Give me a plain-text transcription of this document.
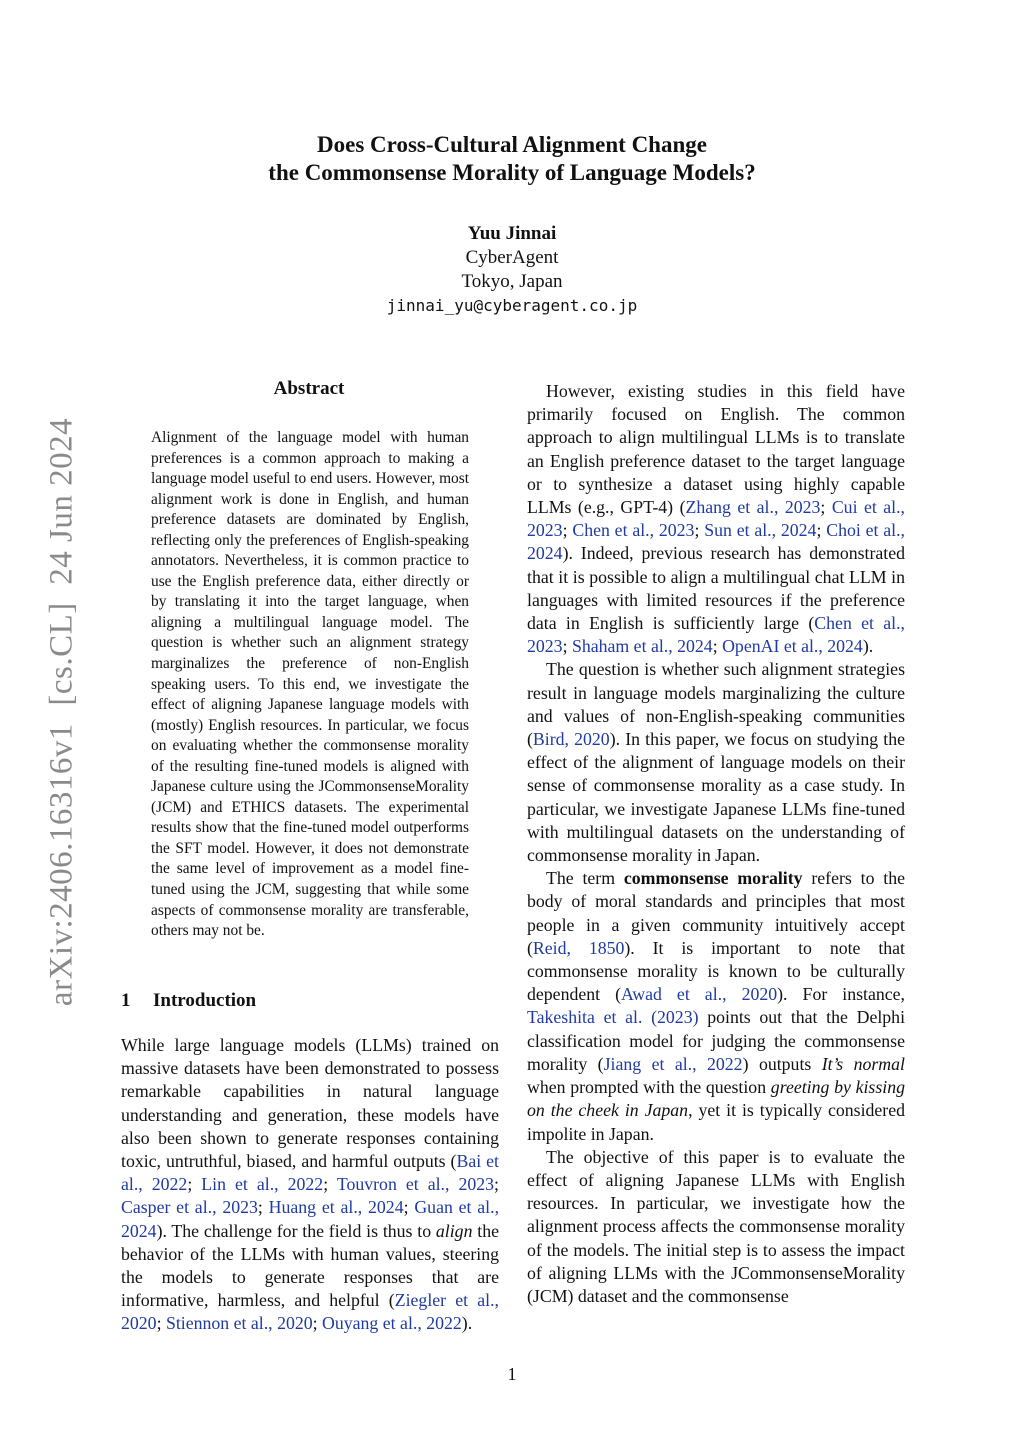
Does Cross-Cultural Alignment Change
the Commonsense Morality of Language Models?
Yuu Jinnai
CyberAgent
Tokyo, Japan
jinnai_yu@cyberagent.co.jp
arXiv:2406.16316v1  [cs.CL]  24 Jun 2024
Abstract
Alignment of the language model with human preferences is a common approach to making a language model useful to end users. However, most alignment work is done in English, and human preference datasets are dominated by English, reflecting only the preferences of English-speaking annotators. Nevertheless, it is common practice to use the English preference data, either directly or by translating it into the target language, when aligning a multilingual language model. The question is whether such an alignment strategy marginalizes the preference of non-English speaking users. To this end, we investigate the effect of aligning Japanese language models with (mostly) English resources. In particular, we focus on evaluating whether the commonsense morality of the resulting fine-tuned models is aligned with Japanese culture using the JCommonsenseMorality (JCM) and ETHICS datasets. The experimental results show that the fine-tuned model outperforms the SFT model. However, it does not demonstrate the same level of improvement as a model fine-tuned using the JCM, suggesting that while some aspects of commonsense morality are transferable, others may not be.
1 Introduction
While large language models (LLMs) trained on massive datasets have been demonstrated to possess remarkable capabilities in natural language understanding and generation, these models have also been shown to generate responses containing toxic, untruthful, biased, and harmful outputs (Bai et al., 2022; Lin et al., 2022; Touvron et al., 2023; Casper et al., 2023; Huang et al., 2024; Guan et al., 2024). The challenge for the field is thus to align the behavior of the LLMs with human values, steering the models to generate responses that are informative, harmless, and helpful (Ziegler et al., 2020; Stiennon et al., 2020; Ouyang et al., 2022).

However, existing studies in this field have primarily focused on English. The common approach to align multilingual LLMs is to translate an English preference dataset to the target language or to synthesize a dataset using highly capable LLMs (e.g., GPT-4) (Zhang et al., 2023; Cui et al., 2023; Chen et al., 2023; Sun et al., 2024; Choi et al., 2024). Indeed, previous research has demonstrated that it is possible to align a multilingual chat LLM in languages with limited resources if the preference data in English is sufficiently large (Chen et al., 2023; Shaham et al., 2024; OpenAI et al., 2024).

The question is whether such alignment strategies result in language models marginalizing the culture and values of non-English-speaking communities (Bird, 2020). In this paper, we focus on studying the effect of the alignment of language models on their sense of commonsense morality as a case study. In particular, we investigate Japanese LLMs fine-tuned with multilingual datasets on the understanding of commonsense morality in Japan.

The term commonsense morality refers to the body of moral standards and principles that most people in a given community intuitively accept (Reid, 1850). It is important to note that commonsense morality is known to be culturally dependent (Awad et al., 2020). For instance, Takeshita et al. (2023) points out that the Delphi classification model for judging the commonsense morality (Jiang et al., 2022) outputs It’s normal when prompted with the question greeting by kissing on the cheek in Japan, yet it is typically considered impolite in Japan.

The objective of this paper is to evaluate the effect of aligning Japanese LLMs with English resources. In particular, we investigate how the alignment process affects the commonsense morality of the models. The initial step is to assess the impact of aligning LLMs with the JCommonsenseMorality (JCM) dataset and the commonsense

1
